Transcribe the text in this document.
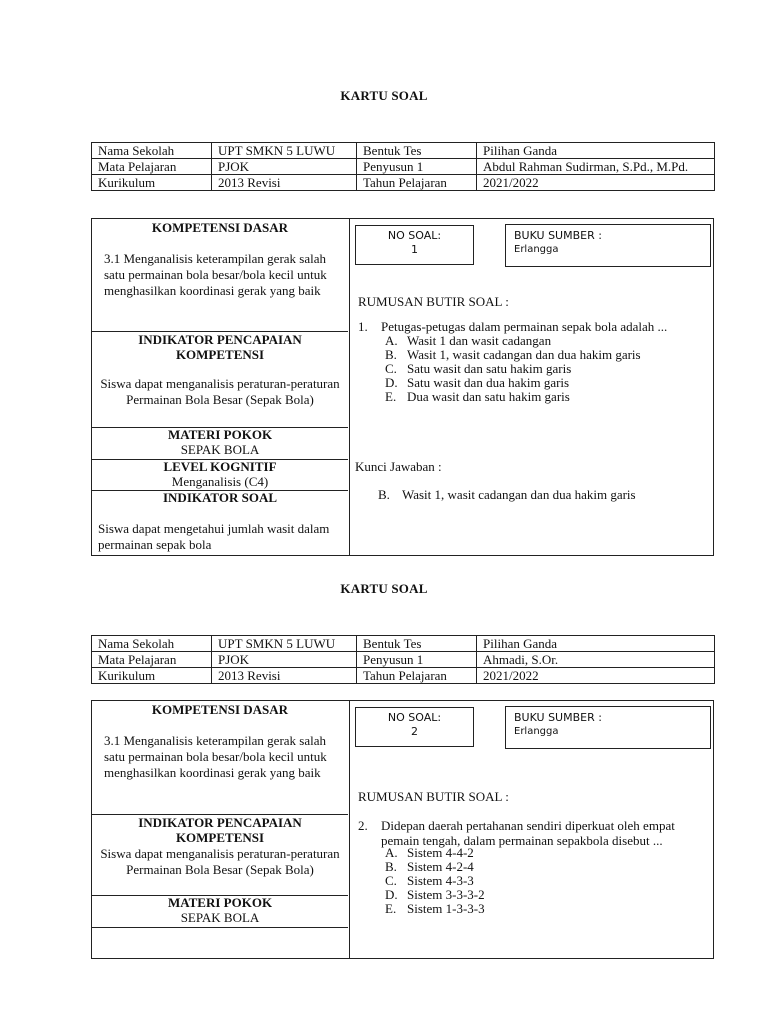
KARTU SOAL
Nama Sekolah	UPT SMKN 5 LUWU	Bentuk Tes	Pilihan Ganda
Mata Pelajaran	PJOK	Penyusun 1	Abdul Rahman Sudirman, S.Pd., M.Pd.
Kurikulum	2013 Revisi	Tahun Pelajaran	2021/2022
KOMPETENSI DASAR
3.1 Menganalisis keterampilan gerak salah satu permainan bola besar/bola kecil untuk menghasilkan koordinasi gerak yang baik
INDIKATOR PENCAPAIAN
KOMPETENSI
Siswa dapat menganalisis peraturan-peraturan Permainan Bola Besar (Sepak Bola)
MATERI POKOK
SEPAK BOLA
LEVEL KOGNITIF
Menganalisis (C4)
INDIKATOR SOAL
Siswa dapat mengetahui jumlah wasit dalam permainan sepak bola
NO SOAL:
1
BUKU SUMBER :
Erlangga
RUMUSAN BUTIR SOAL :
1. Petugas-petugas dalam permainan sepak bola adalah ...
A. Wasit 1 dan wasit cadangan
B. Wasit 1, wasit cadangan dan dua hakim garis
C. Satu wasit dan satu hakim garis
D. Satu wasit dan dua hakim garis
E. Dua wasit dan satu hakim garis
Kunci Jawaban :
B. Wasit 1, wasit cadangan dan dua hakim garis
KARTU SOAL
Nama Sekolah	UPT SMKN 5 LUWU	Bentuk Tes	Pilihan Ganda
Mata Pelajaran	PJOK	Penyusun 1	Ahmadi, S.Or.
Kurikulum	2013 Revisi	Tahun Pelajaran	2021/2022
KOMPETENSI DASAR
3.1 Menganalisis keterampilan gerak salah satu permainan bola besar/bola kecil untuk menghasilkan koordinasi gerak yang baik
INDIKATOR PENCAPAIAN
KOMPETENSI
Siswa dapat menganalisis peraturan-peraturan Permainan Bola Besar (Sepak Bola)
MATERI POKOK
SEPAK BOLA
NO SOAL:
2
BUKU SUMBER :
Erlangga
RUMUSAN BUTIR SOAL :
2. Didepan daerah pertahanan sendiri diperkuat oleh empat pemain tengah, dalam permainan sepakbola disebut ...
A. Sistem 4-4-2
B. Sistem 4-2-4
C. Sistem 4-3-3
D. Sistem 3-3-3-2
E. Sistem 1-3-3-3
